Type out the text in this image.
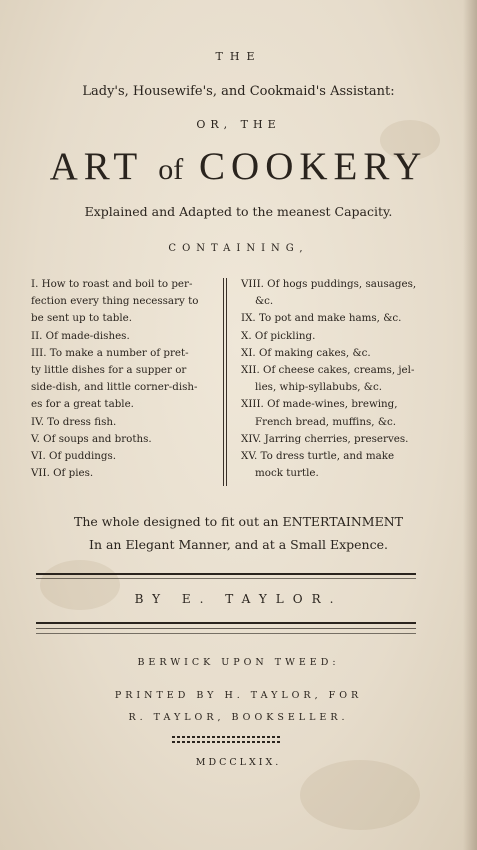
THE
Lady's, Housewife's, and Cookmaid's Assistant:
OR, THE
ART of COOKERY
Explained and Adapted to the meanest Capacity.
CONTAINING,
I. How to roast and boil to per-
fection every thing necessary to
be sent up to table.
II. Of made-dishes.
III. To make a number of pret-
ty little dishes for a supper or
side-dish, and little corner-dish-
es for a great table.
IV. To dress fish.
V. Of soups and broths.
VI. Of puddings.
VII. Of pies.
VIII. Of hogs puddings, sausages,
&c.
IX. To pot and make hams, &c.
X. Of pickling.
XI. Of making cakes, &c.
XII. Of cheese cakes, creams, jel-
lies, whip-syllabubs, &c.
XIII. Of made-wines, brewing,
French bread, muffins, &c.
XIV. Jarring cherries, preserves.
XV. To dress turtle, and make
mock turtle.
The whole designed to fit out an ENTERTAINMENT
In an Elegant Manner, and at a Small Expence.
BY E. TAYLOR.
BERWICK UPON TWEED:
PRINTED BY H. TAYLOR, FOR
R. TAYLOR, BOOKSELLER.
MDCCLXIX.
